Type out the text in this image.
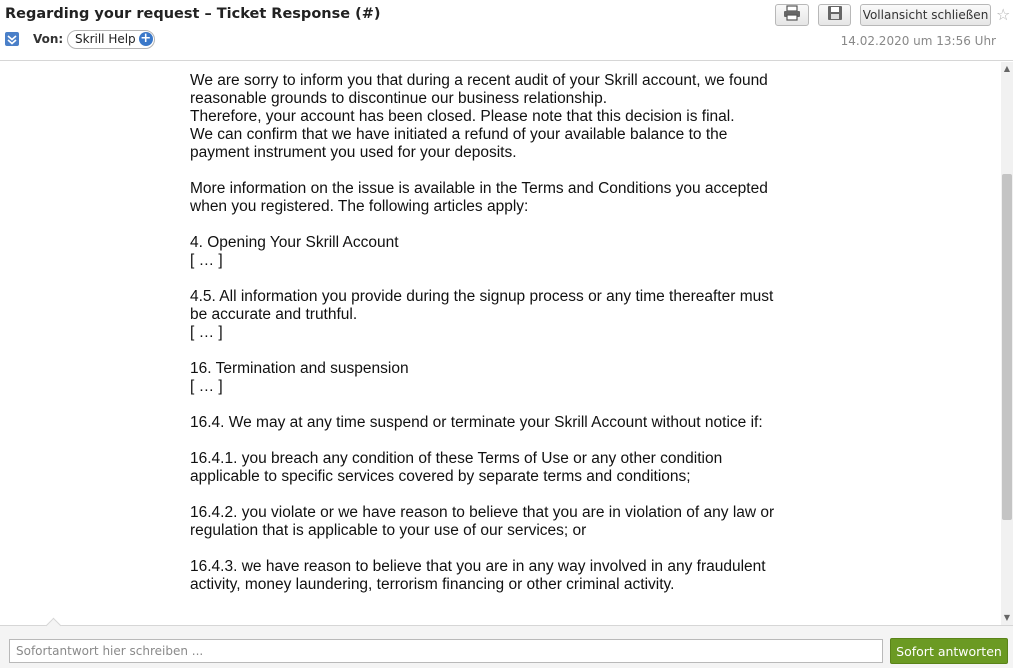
Regarding your request – Ticket Response (#)	Vollansicht schließen ☆
Von: Skrill Help +	14.02.2020 um 13:56 Uhr

We are sorry to inform you that during a recent audit of your Skrill account, we found reasonable grounds to discontinue our business relationship.
Therefore, your account has been closed. Please note that this decision is final.
We can confirm that we have initiated a refund of your available balance to the payment instrument you used for your deposits.

More information on the issue is available in the Terms and Conditions you accepted when you registered. The following articles apply:

4. Opening Your Skrill Account
[ … ]

4.5. All information you provide during the signup process or any time thereafter must be accurate and truthful.
[ … ]

16. Termination and suspension
[ … ]

16.4. We may at any time suspend or terminate your Skrill Account without notice if:

16.4.1. you breach any condition of these Terms of Use or any other condition applicable to specific services covered by separate terms and conditions;

16.4.2. you violate or we have reason to believe that you are in violation of any law or regulation that is applicable to your use of our services; or

16.4.3. we have reason to believe that you are in any way involved in any fraudulent activity, money laundering, terrorism financing or other criminal activity.

▲
▼
Sofortantwort hier schreiben ...
Sofort antworten
